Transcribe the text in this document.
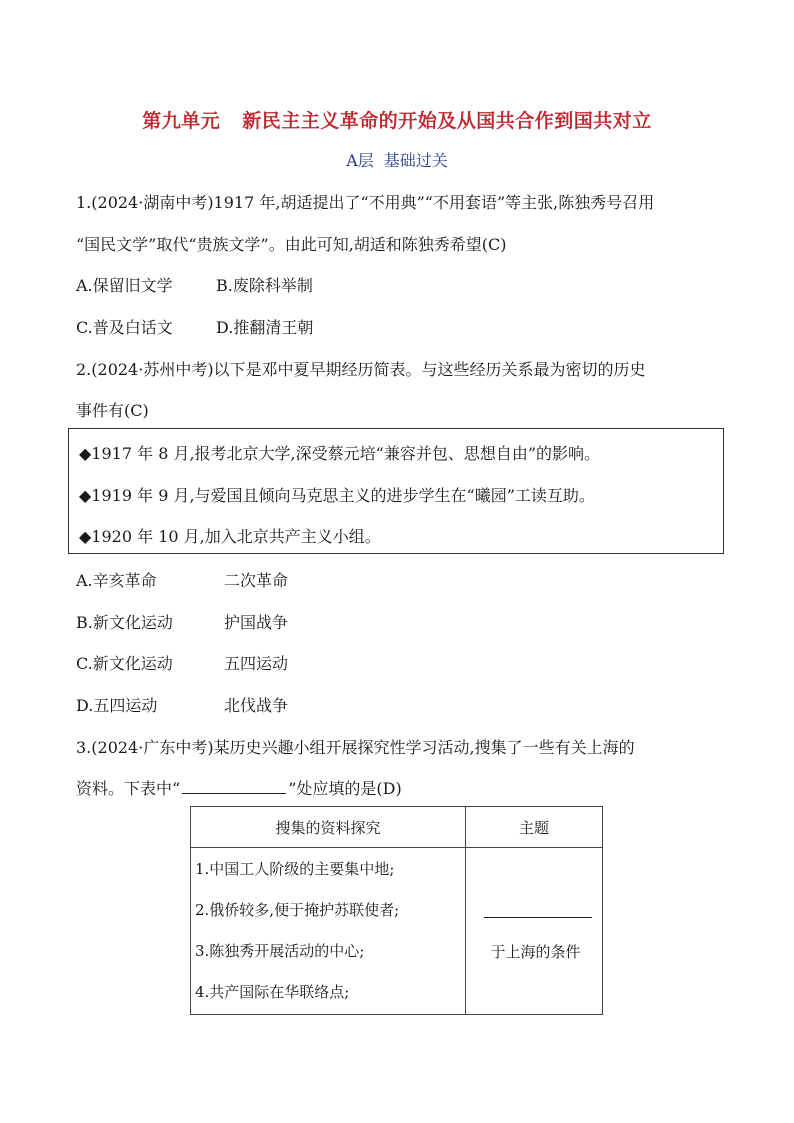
第九单元 新民主主义革命的开始及从国共合作到国共对立
A层 基础过关
1.(2024·湖南中考)1917 年,胡适提出了“不用典”“不用套语”等主张,陈独秀号召用
“国民文学”取代“贵族文学”。由此可知,胡适和陈独秀希望(C)
A.保留旧文学	B.废除科举制
C.普及白话文	D.推翻清王朝
2.(2024·苏州中考)以下是邓中夏早期经历简表。与这些经历关系最为密切的历史
事件有(C)
◆1917 年 8 月,报考北京大学,深受蔡元培“兼容并包、思想自由”的影响。
◆1919 年 9 月,与爱国且倾向马克思主义的进步学生在“曦园”工读互助。
◆1920 年 10 月,加入北京共产主义小组。
A.辛亥革命	二次革命
B.新文化运动	护国战争
C.新文化运动	五四运动
D.五四运动	北伐战争
3.(2024·广东中考)某历史兴趣小组开展探究性学习活动,搜集了一些有关上海的
资料。下表中“	”处应填的是(D)
搜集的资料探究	主题

1.中国工人阶级的主要集中地;
2.俄侨较多,便于掩护苏联使者;
3.陈独秀开展活动的中心;
4.共产国际在华联络点;	于上海的条件
